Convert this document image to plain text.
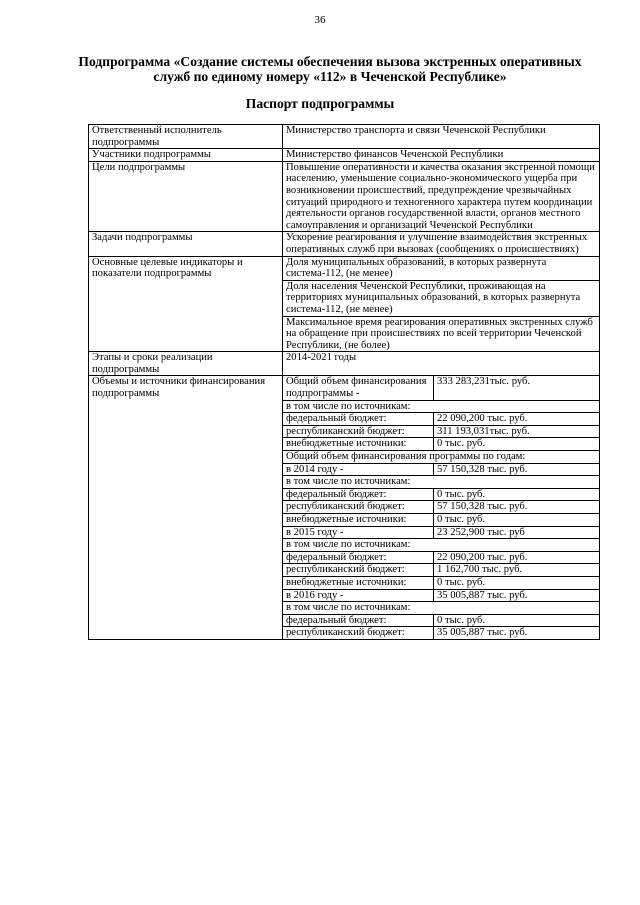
36
Подпрограмма «Создание системы обеспечения вызова экстренных оперативных служб по единому номеру «112» в Чеченской Республике»
Паспорт подпрограммы
Ответственный исполнитель подпрограммы	Министерство транспорта и связи Чеченской Республики	
Участники подпрограммы	Министерство финансов Чеченской Республики	
Цели подпрограммы	Повышение оперативности и качества оказания экстренной помощи населению, уменьшение социально-экономического ущерба при возникновении происшествий, предупреждение чрезвычайных ситуаций природного и техногенного характера путем координации деятельности органов государственной власти, органов местного самоуправления и организаций Чеченской Республики	
Задачи подпрограммы	Ускорение реагирования и улучшение взаимодействия экстренных оперативных служб при вызовах (сообщениях о происшествиях)	
Основные целевые индикаторы и показатели подпрограммы	Доля муниципальных образований, в которых развернута система-112, (не менее)	
	Доля населения Чеченской Республики, проживающая на территориях муниципальных образований, в которых развернута система-112, (не менее)	
	Максимальное время реагирования оперативных экстренных служб на обращение при происшествиях по всей территории Чеченской Республики, (не более)	
Этапы и сроки реализации подпрограммы	2014-2021 годы	
Объемы и источники финансирования подпрограммы	Общий объем финансирования подпрограммы -	333 283,231тыс. руб.
	в том числе по источникам:	
	федеральный бюджет:	22 090,200 тыс. руб.
	республиканский бюджет:	311 193,031тыс. руб.
	внебюджетные источники:	0 тыс. руб.
	Общий объем финансирования программы по годам:	
	в 2014 году -	57 150,328 тыс. руб.
	в том числе по источникам:	
	федеральный бюджет:	0 тыс. руб.
	республиканский бюджет:	57 150,328 тыс. руб.
	внебюджетные источники:	0 тыс. руб.
	в 2015 году -	23 252,900 тыс. руб
	в том числе по источникам:	
	федеральный бюджет:	22 090,200 тыс. руб.
	республиканский бюджет:	1 162,700 тыс. руб.
	внебюджетные источники:	0 тыс. руб.
	в 2016 году -	35 005,887 тыс. руб.
	в том числе по источникам:	
	федеральный бюджет:	0 тыс. руб.
	республиканский бюджет:	35 005,887 тыс. руб.
